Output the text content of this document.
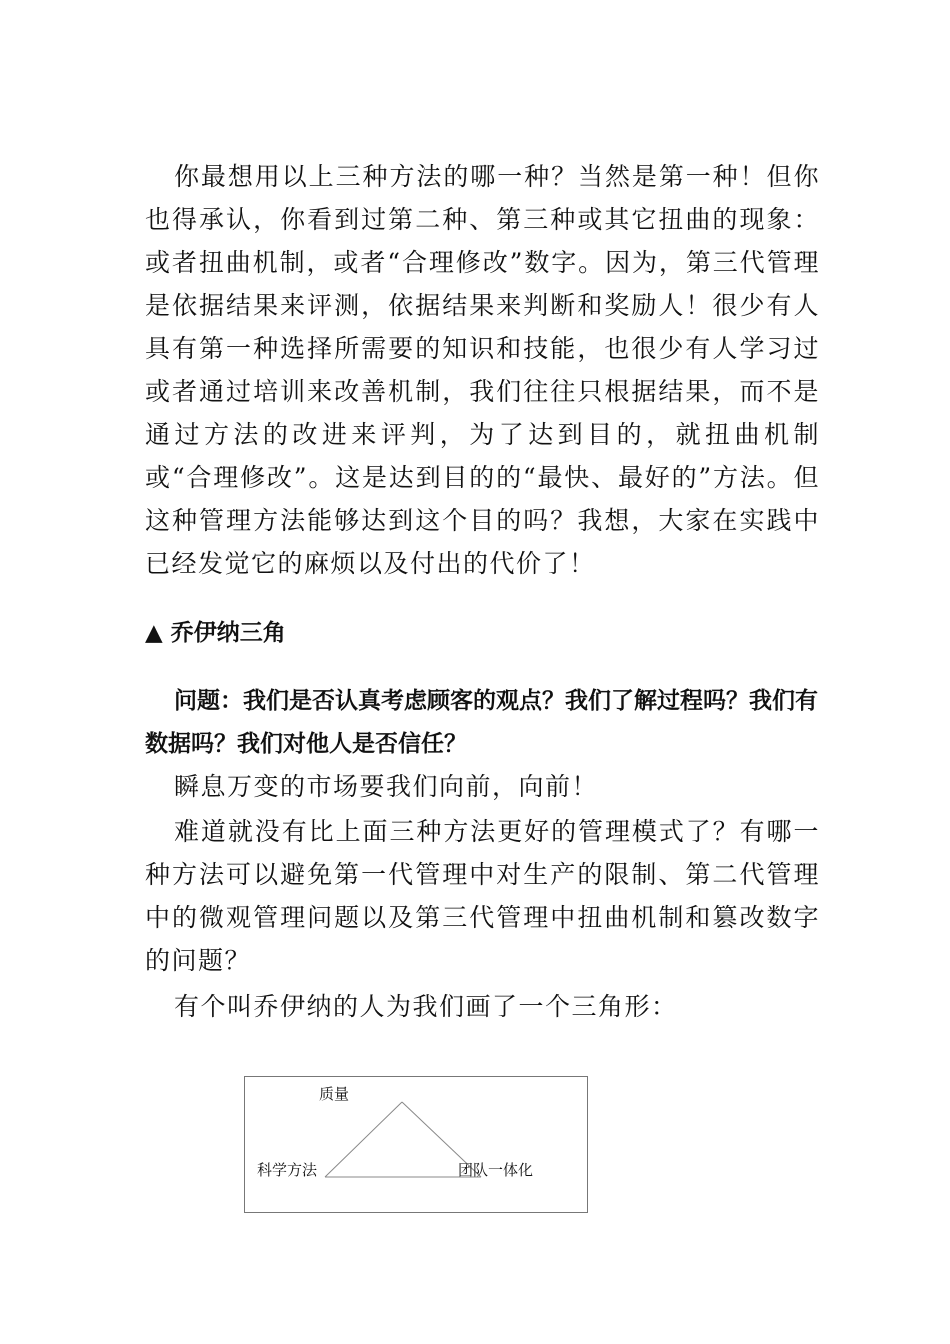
你最想用以上三种方法的哪一种？当然是第一种！但你也得承认，你看到过第二种、第三种或其它扭曲的现象：或者扭曲机制，或者“合理修改”数字。因为，第三代管理是依据结果来评测，依据结果来判断和奖励人！很少有人具有第一种选择所需要的知识和技能，也很少有人学习过或者通过培训来改善机制，我们往往只根据结果，而不是通过方法的改进来评判，为了达到目的，就扭曲机制或“合理修改”。这是达到目的的“最快、最好的”方法。但这种管理方法能够达到这个目的吗？我想，大家在实践中已经发觉它的麻烦以及付出的代价了！

▲ 乔伊纳三角

问题：我们是否认真考虑顾客的观点？我们了解过程吗？我们有数据吗？我们对他人是否信任？

瞬息万变的市场要我们向前，向前！

难道就没有比上面三种方法更好的管理模式了？有哪一种方法可以避免第一代管理中对生产的限制、第二代管理中的微观管理问题以及第三代管理中扭曲机制和篡改数字的问题？

有个叫乔伊纳的人为我们画了一个三角形：

质量
科学方法	团队一体化
